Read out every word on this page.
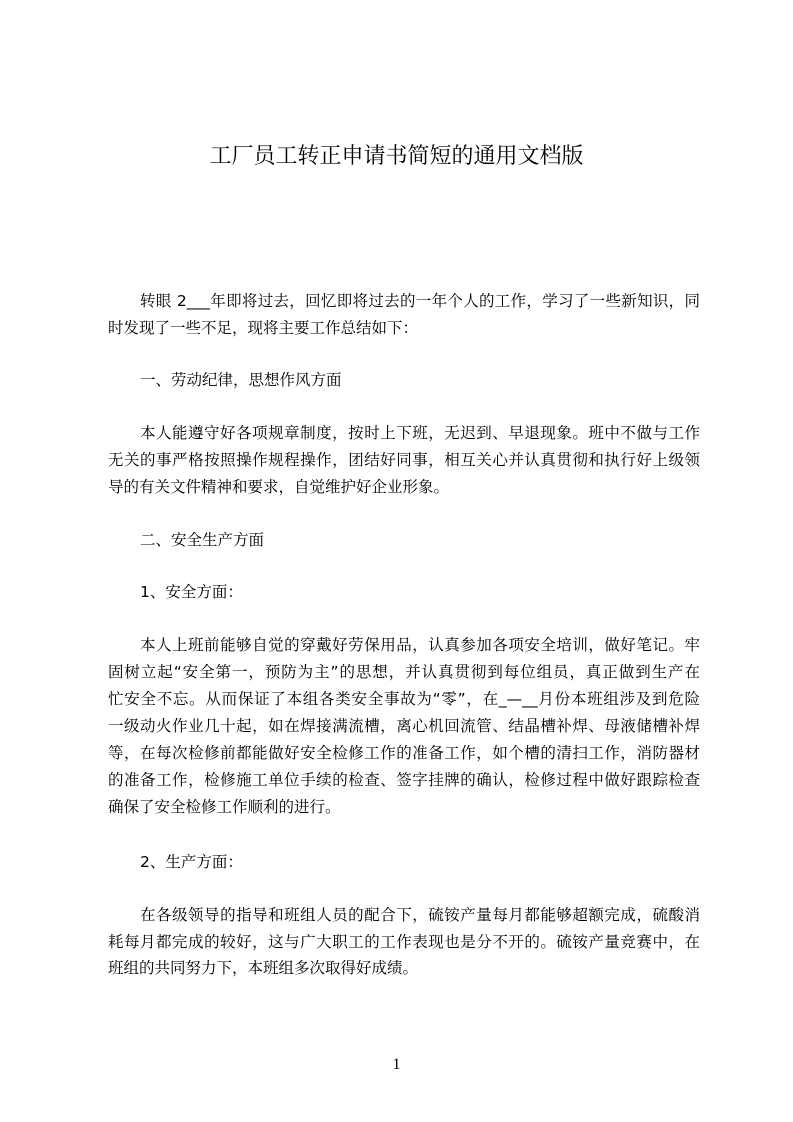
工厂员工转正申请书简短的通用文档版
转眼 2___年即将过去，回忆即将过去的一年个人的工作，学习了一些新知识，同
时发现了一些不足，现将主要工作总结如下：
一、劳动纪律，思想作风方面
本人能遵守好各项规章制度，按时上下班，无迟到、早退现象。班中不做与工作
无关的事严格按照操作规程操作，团结好同事，相互关心并认真贯彻和执行好上级领
导的有关文件精神和要求，自觉维护好企业形象。
二、安全生产方面
1、安全方面：
本人上班前能够自觉的穿戴好劳保用品，认真参加各项安全培训，做好笔记。牢
固树立起“安全第一，预防为主”的思想，并认真贯彻到每位组员，真正做到生产在
忙安全不忘。从而保证了本组各类安全事故为“零”，在_—__月份本班组涉及到危险
一级动火作业几十起，如在焊接满流槽，离心机回流管、结晶槽补焊、母液储槽补焊
等，在每次检修前都能做好安全检修工作的准备工作，如个槽的清扫工作，消防器材
的准备工作，检修施工单位手续的检查、签字挂牌的确认，检修过程中做好跟踪检查
确保了安全检修工作顺利的进行。
2、生产方面：
在各级领导的指导和班组人员的配合下，硫铵产量每月都能够超额完成，硫酸消
耗每月都完成的较好，这与广大职工的工作表现也是分不开的。硫铵产量竞赛中，在
班组的共同努力下，本班组多次取得好成绩。
1
